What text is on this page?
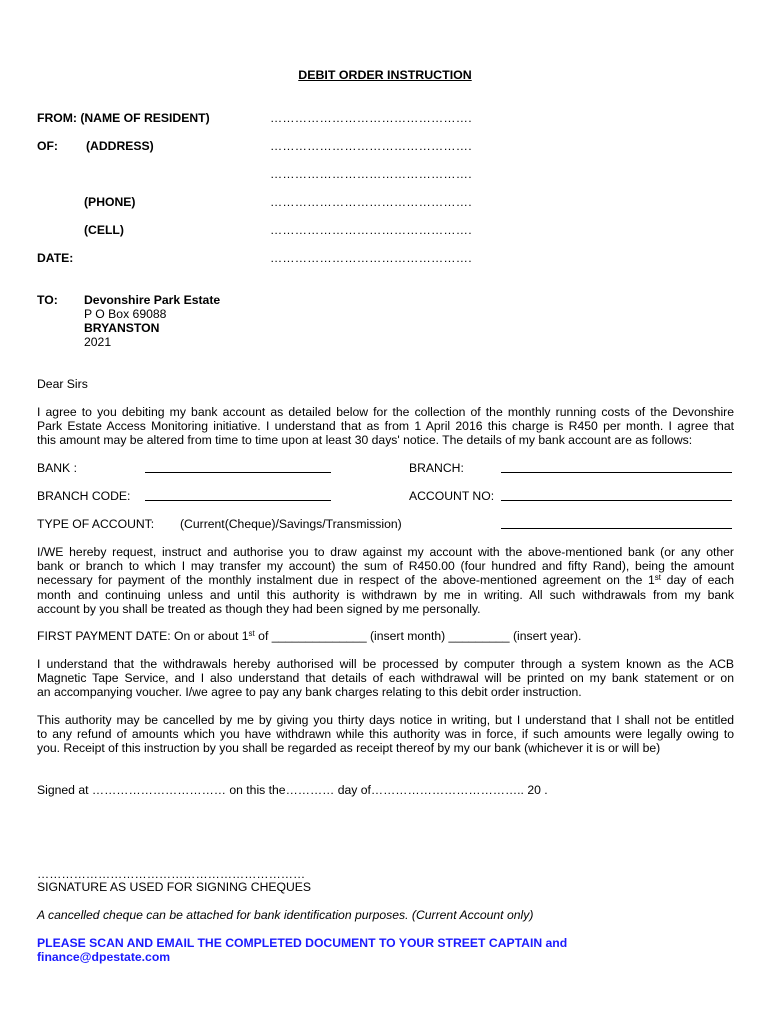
DEBIT ORDER INSTRUCTION
FROM: (NAME OF RESIDENT)	………………………………………….
OF: (ADDRESS)	………………………………………….
………………………………………….
(PHONE)	………………………………………….
(CELL)	………………………………………….
DATE:	………………………………………….
TO: Devonshire Park Estate
P O Box 69088
BRYANSTON
2021
Dear Sirs
I agree to you debiting my bank account as detailed below for the collection of the monthly running costs of the Devonshire
Park Estate Access Monitoring initiative. I understand that as from 1 April 2016 this charge is R450 per month. I agree that
this amount may be altered from time to time upon at least 30 days' notice. The details of my bank account are as follows:
BANK :	BRANCH:
BRANCH CODE:	ACCOUNT NO:
TYPE OF ACCOUNT: (Current(Cheque)/Savings/Transmission)
I/WE hereby request, instruct and authorise you to draw against my account with the above-mentioned bank (or any other
bank or branch to which I may transfer my account) the sum of R450.00 (four hundred and fifty Rand), being the amount
necessary for payment of the monthly instalment due in respect of the above-mentioned agreement on the 1st day of each
month and continuing unless and until this authority is withdrawn by me in writing. All such withdrawals from my bank
account by you shall be treated as though they had been signed by me personally.
FIRST PAYMENT DATE: On or about 1st of ______________ (insert month) _________ (insert year).
I understand that the withdrawals hereby authorised will be processed by computer through a system known as the ACB
Magnetic Tape Service, and I also understand that details of each withdrawal will be printed on my bank statement or on
an accompanying voucher. I/we agree to pay any bank charges relating to this debit order instruction.
This authority may be cancelled by me by giving you thirty days notice in writing, but I understand that I shall not be entitled
to any refund of amounts which you have withdrawn while this authority was in force, if such amounts were legally owing to
you. Receipt of this instruction by you shall be regarded as receipt thereof by my our bank (whichever it is or will be)
Signed at …………………………… on this the………… day of……………………………….. 20 .
…………………………………………………………
SIGNATURE AS USED FOR SIGNING CHEQUES
A cancelled cheque can be attached for bank identification purposes. (Current Account only)
PLEASE SCAN AND EMAIL THE COMPLETED DOCUMENT TO YOUR STREET CAPTAIN and
finance@dpestate.com
